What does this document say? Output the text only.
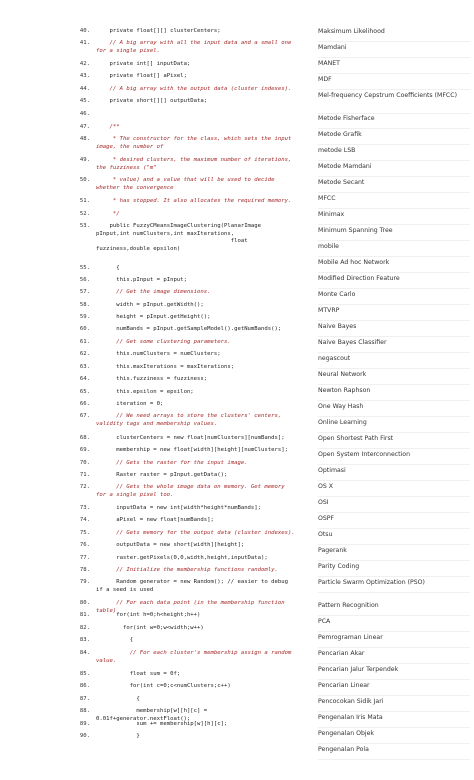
40. private float[][] clusterCenters;
41. // A big array with all the input data and a small one for a single pixel.
42. private int[] inputData;
43. private float[] aPixel;
44. // A big array with the output data (cluster indexes).
45. private short[][] outputData;
46.
47. /**
48. * The constructor for the class, which sets the input image, the number of
49. * desired clusters, the maximum number of iterations, the fuzziness ("m"
50. * value) and a value that will be used to decide whether the convergence
51. * has stopped. It also allocates the required memory.
52. */
53.	public FuzzyCMeansImageClustering(PlanarImage pInput,int numClusters,int maxIterations,
float fuzziness,double epsilon)
55. {
56. this.pInput = pInput;
57. // Get the image dimensions.
58. width = pInput.getWidth();
59. height = pInput.getHeight();
60. numBands = pInput.getSampleModel().getNumBands();
61. // Get some clustering parameters.
62. this.numClusters = numClusters;
63. this.maxIterations = maxIterations;
64. this.fuzziness = fuzziness;
65. this.epsilon = epsilon;
66. iteration = 0;
67. // We need arrays to store the clusters' centers, validity tags and membership values.
68. clusterCenters = new float[numClusters][numBands];
69. membership = new float[width][height][numClusters];
70. // Gets the raster for the input image.
71. Raster raster = pInput.getData();
72. // Gets the whole image data on memory. Get memory for a single pixel too.
73. inputData = new int[width*height*numBands];
74. aPixel = new float[numBands];
75. // Gets memory for the output data (cluster indexes).
76. outputData = new short[width][height];
77. raster.getPixels(0,0,width,height,inputData);
78. // Initialize the membership functions randomly.
79. Random generator = new Random(); // easier to debug if a seed is used
80. // For each data point (in the membership function table)
81. for(int h=0;h<height;h++)
82. for(int w=0;w<width;w++)
83. {
84. // For each cluster's membership assign a random value.
85. float sum = 0f;
86. for(int c=0;c<numClusters;c++)
87. {
88. membership[w][h][c] = 0.01f+generator.nextFloat();
89. sum += membership[w][h][c];
90. }
Maksimum Likelihood
Mamdani
MANET
MDF
Mel-frequency Cepstrum Coefficients (MFCC)
Metode Fisherface
Metode Grafik
metode LSB
Metode Mamdani
Metode Secant
MFCC
Minimax
Minimum Spanning Tree
mobile
Mobile Ad hoc Network
Modified Direction Feature
Monte Carlo
MTVRP
Naive Bayes
Naive Bayes Classifier
negascout
Neural Network
Newton Raphson
One Way Hash
Online Learning
Open Shortest Path First
Open System Interconnection
Optimasi
OS X
OSI
OSPF
Otsu
Pagerank
Parity Coding
Particle Swarm Optimization (PSO)
Pattern Recognition
PCA
Pemrograman Linear
Pencarian Akar
Pencarian Jalur Terpendek
Pencarian Linear
Pencocokan Sidik Jari
Pengenalan Iris Mata
Pengenalan Objek
Pengenalan Pola
